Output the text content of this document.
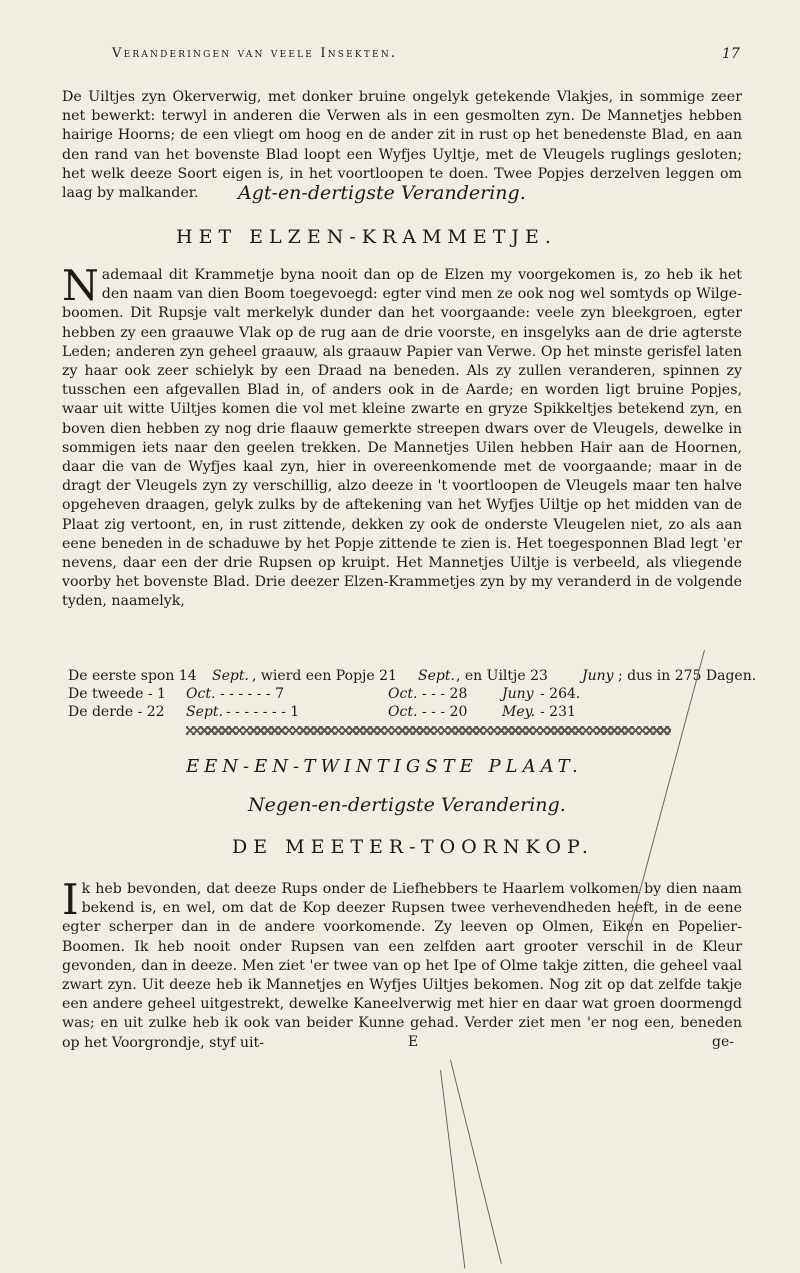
Veranderingen van veele Insekten.	17

De Uiltjes zyn Okerverwig, met donker bruine ongelyk getekende Vlakjes, in sommige zeer net bewerkt: terwyl in anderen die Verwen als in een gesmolten zyn. De Mannetjes hebben hairige Hoorns; de een vliegt om hoog en de ander zit in rust op het benedenste Blad, en aan den rand van het bovenste Blad loopt een Wyfjes Uyltje, met de Vleugels ruglings gesloten; het welk deeze Soort eigen is, in het voortloopen te doen. Twee Popjes derzelven leggen om laag by malkander.	Agt-en-dertigste Verandering.
HET ELZEN-KRAMMETJE.

Nademaal dit Krammetje byna nooit dan op de Elzen my voorgekomen is, zo heb ik het den naam van dien Boom toegevoegd: egter vind men ze ook nog wel somtyds op Wilge-boomen. Dit Rupsje valt merkelyk dunder dan het voorgaande: veele zyn bleekgroen, egter hebben zy een graauwe Vlak op de rug aan de drie voorste, en insgelyks aan de drie agterste Leden; anderen zyn geheel graauw, als graauw Papier van Verwe. Op het minste gerisfel laten zy haar ook zeer schielyk by een Draad na beneden. Als zy zullen veranderen, spinnen zy tusschen een afgevallen Blad in, of anders ook in de Aarde; en worden ligt bruine Popjes, waar uit witte Uiltjes komen die vol met kleine zwarte en gryze Spikkeltjes betekend zyn, en boven dien hebben zy nog drie flaauw gemerkte streepen dwars over de Vleugels, dewelke in sommigen iets naar den geelen trekken. De Mannetjes Uilen hebben Hair aan de Hoornen, daar die van de Wyfjes kaal zyn, hier in overeenkomende met de voorgaande; maar in de dragt der Vleugels zyn zy verschillig, alzo deeze in 't voortloopen de Vleugels maar ten halve opgeheven draagen, gelyk zulks by de aftekening van het Wyfjes Uiltje op het midden van de Plaat zig vertoont, en, in rust zittende, dekken zy ook de onderste Vleugelen niet, zo als aan eene beneden in de schaduwe by het Popje zittende te zien is. Het toegesponnen Blad legt 'er nevens, daar een der drie Rupsen op kruipt. Het Mannetjes Uiltje is verbeeld, als vliegende voorby het bovenste Blad. Drie deezer Elzen-Krammetjes zyn by my veranderd in de volgende tyden, naamelyk,

De eerste spon 14 Sept. , wierd een Popje 21 Sept. , en Uiltje 23 Juny ; dus in 275 Dagen.
De tweede - 1 Oct. - - - - - - 7	Oct. - - - 28 Juny - 264.
De derde - 22 Sept. - - - - - - - 1	Oct. - - - 20 Mey. - 231
EEN-EN-TWINTIGSTE PLAAT.
Negen-en-dertigste Verandering.
DE MEETER-TOORNKOP.

Ik heb bevonden, dat deeze Rups onder de Liefhebbers te Haarlem volkomen by dien naam bekend is, en wel, om dat de Kop deezer Rupsen twee verhevendheden heeft, in de eene egter scherper dan in de andere voorkomende. Zy leeven op Olmen, Eiken en Popelier-Boomen. Ik heb nooit onder Rupsen van een zelfden aart grooter verschil in de Kleur gevonden, dan in deeze. Men ziet 'er twee van op het Ipe of Olme takje zitten, die geheel vaal zwart zyn. Uit deeze heb ik Mannetjes en Wyfjes Uiltjes bekomen. Nog zit op dat zelfde takje een andere geheel uitgestrekt, dewelke Kaneelverwig met hier en daar wat groen doormengd was; en uit zulke heb ik ook van beider Kunne gehad. Verder ziet men 'er nog een, beneden op het Voorgrondje, styf uit-	E	ge-
